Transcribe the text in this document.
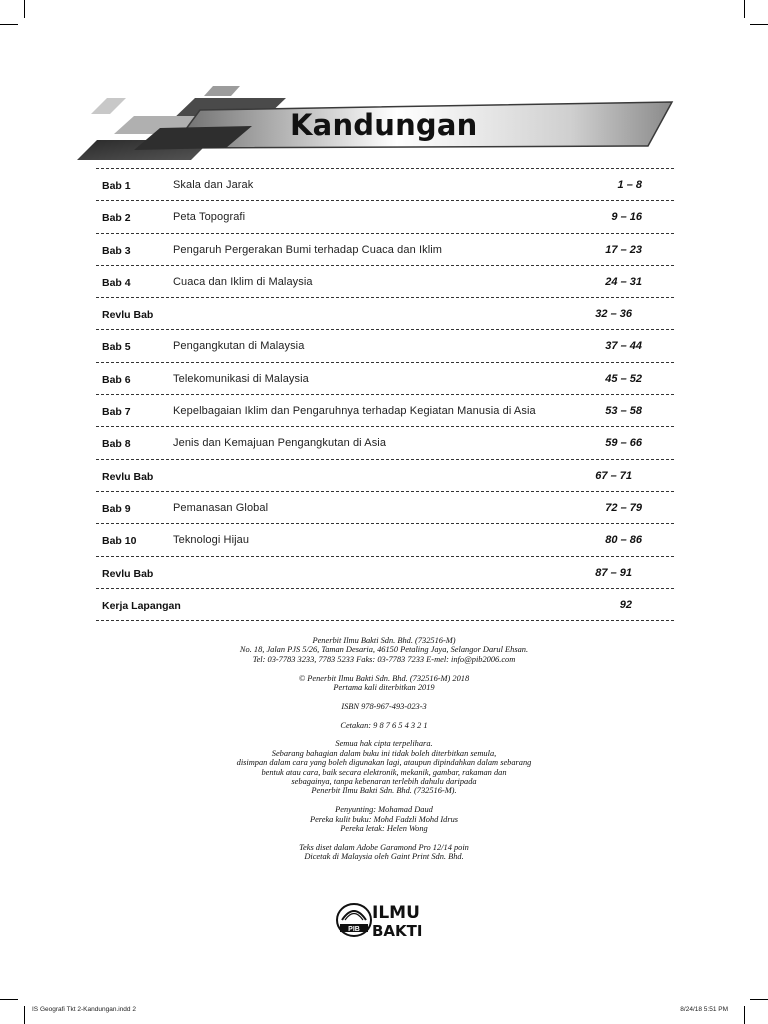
Kandungan
Bab 1	Skala dan Jarak	1 – 8
Bab 2	Peta Topografi	9 – 16
Bab 3	Pengaruh Pergerakan Bumi terhadap Cuaca dan Iklim	17 – 23
Bab 4	Cuaca dan Iklim di Malaysia	24 – 31
Revlu Bab	32 – 36
Bab 5	Pengangkutan di Malaysia	37 – 44
Bab 6	Telekomunikasi di Malaysia	45 – 52
Bab 7	Kepelbagaian Iklim dan Pengaruhnya terhadap Kegiatan Manusia di Asia	53 – 58
Bab 8	Jenis dan Kemajuan Pengangkutan di Asia	59 – 66
Revlu Bab	67 – 71
Bab 9	Pemanasan Global	72 – 79
Bab 10	Teknologi Hijau	80 – 86
Revlu Bab	87 – 91
Kerja Lapangan	92
Penerbit Ilmu Bakti Sdn. Bhd. (732516-M)
No. 18, Jalan PJS 5/26, Taman Desaria, 46150 Petaling Jaya, Selangor Darul Ehsan.
Tel: 03-7783 3233, 7783 5233 Faks: 03-7783 7233 E-mel: info@pib2006.com
© Penerbit Ilmu Bakti Sdn. Bhd. (732516-M) 2018
Pertama kali diterbitkan 2019
ISBN 978-967-493-023-3
Cetakan: 9 8 7 6 5 4 3 2 1
Semua hak cipta terpelihara.
Sebarang bahagian dalam buku ini tidak boleh diterbitkan semula,
disimpan dalam cara yang boleh digunakan lagi, ataupun dipindahkan dalam sebarang
bentuk atau cara, baik secara elektronik, mekanik, gambar, rakaman dan
sebagainya, tanpa kebenaran terlebih dahulu daripada
Penerbit Ilmu Bakti Sdn. Bhd. (732516-M).
Penyunting: Mohamad Daud
Pereka kulit buku: Mohd Fadzli Mohd Idrus
Pereka letak: Helen Wong
Teks diset dalam Adobe Garamond Pro 12/14 poin
Dicetak di Malaysia oleh Gaint Print Sdn. Bhd.
PIB
ILMU
BAKTI
IS Geografi Tkt 2-Kandungan.indd 2	8/24/18 5:51 PM
